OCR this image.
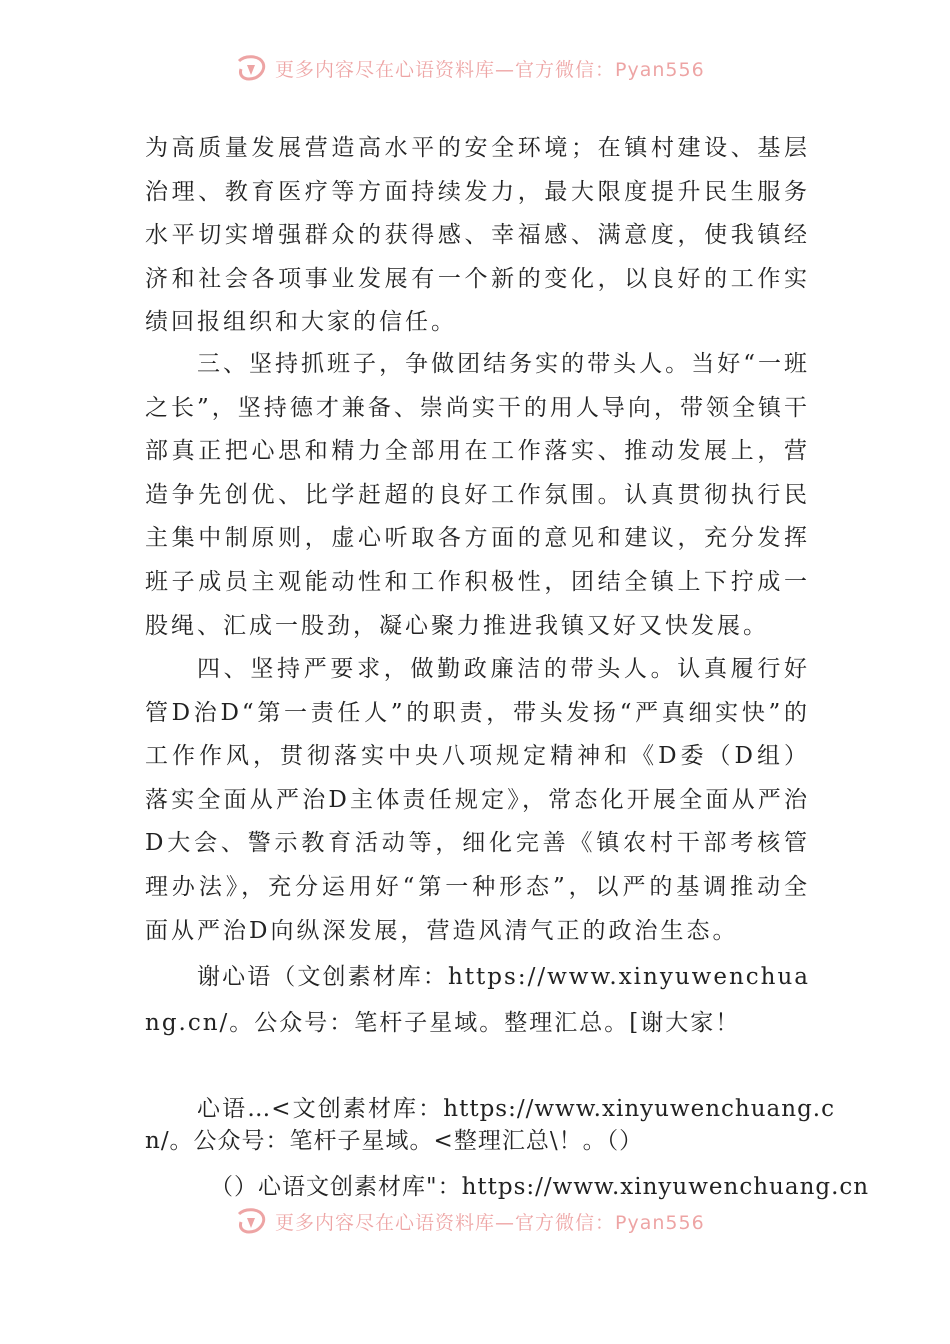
更多内容尽在心语资料库—官方微信：Pyan556

为高质量发展营造高水平的安全环境；在镇村建设、基层治理、教育医疗等方面持续发力，最大限度提升民生服务水平切实增强群众的获得感、幸福感、满意度，使我镇经济和社会各项事业发展有一个新的变化，以良好的工作实绩回报组织和大家的信任。

三、坚持抓班子，争做团结务实的带头人。当好“一班之长”，坚持德才兼备、崇尚实干的用人导向，带领全镇干部真正把心思和精力全部用在工作落实、推动发展上，营造争先创优、比学赶超的良好工作氛围。认真贯彻执行民主集中制原则，虚心听取各方面的意见和建议，充分发挥班子成员主观能动性和工作积极性，团结全镇上下拧成一股绳、汇成一股劲，凝心聚力推进我镇又好又快发展。

四、坚持严要求，做勤政廉洁的带头人。认真履行好管D治D“第一责任人”的职责，带头发扬“严真细实快”的工作作风，贯彻落实中央八项规定精神和《D委（D组）落实全面从严治D主体责任规定》，常态化开展全面从严治D大会、警示教育活动等，细化完善《镇农村干部考核管理办法》，充分运用好“第一种形态”，以严的基调推动全面从严治D向纵深发展，营造风清气正的政治生态。

谢心语（文创素材库：https://www.xinyuwenchuang.cn/。公众号：笔杆子星域。整理汇总。[谢大家！

心语…<文创素材库：https://www.xinyuwenchuang.cn/。公众号：笔杆子星域。<整理汇总\！。（）

（）心语文创素材库"：https://www.xinyuwenchuang.cn

更多内容尽在心语资料库—官方微信：Pyan556
